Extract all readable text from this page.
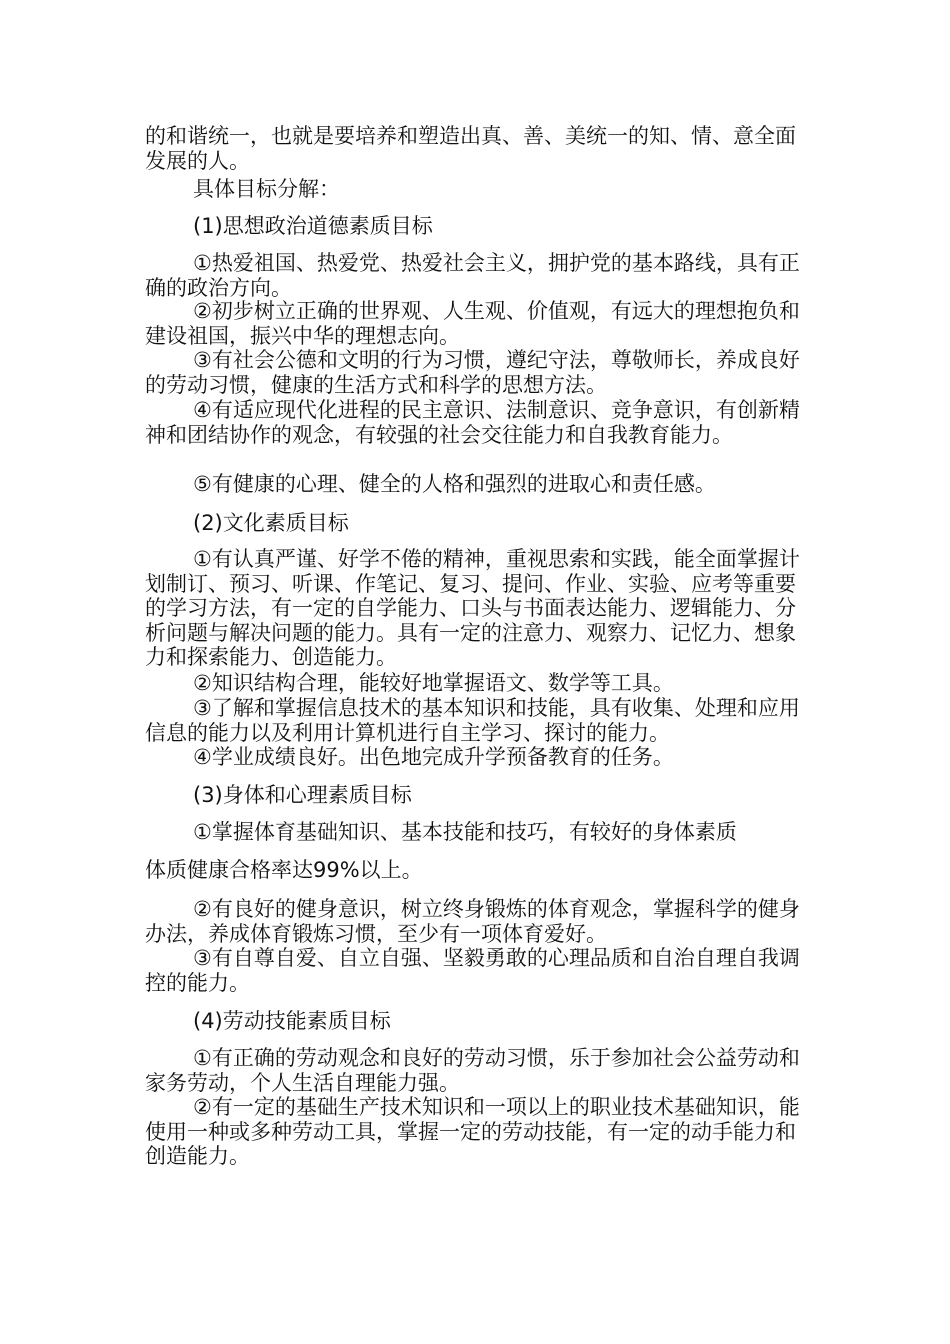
的和谐统一，也就是要培养和塑造出真、善、美统一的知、情、意全面发展的人。

具体目标分解：

(1)思想政治道德素质目标

①热爱祖国、热爱党、热爱社会主义，拥护党的基本路线，具有正确的政治方向。

②初步树立正确的世界观、人生观、价值观，有远大的理想抱负和建设祖国，振兴中华的理想志向。

③有社会公德和文明的行为习惯，遵纪守法，尊敬师长，养成良好的劳动习惯，健康的生活方式和科学的思想方法。

④有适应现代化进程的民主意识、法制意识、竞争意识，有创新精神和团结协作的观念，有较强的社会交往能力和自我教育能力。

⑤有健康的心理、健全的人格和强烈的进取心和责任感。

(2)文化素质目标

①有认真严谨、好学不倦的精神，重视思索和实践，能全面掌握计划制订、预习、听课、作笔记、复习、提问、作业、实验、应考等重要的学习方法，有一定的自学能力、口头与书面表达能力、逻辑能力、分析问题与解决问题的能力。具有一定的注意力、观察力、记忆力、想象力和探索能力、创造能力。

②知识结构合理，能较好地掌握语文、数学等工具。

③了解和掌握信息技术的基本知识和技能，具有收集、处理和应用信息的能力以及利用计算机进行自主学习、探讨的能力。

④学业成绩良好。出色地完成升学预备教育的任务。

(3)身体和心理素质目标

①掌握体育基础知识、基本技能和技巧，有较好的身体素质

体质健康合格率达99%以上。

②有良好的健身意识，树立终身锻炼的体育观念，掌握科学的健身办法，养成体育锻炼习惯，至少有一项体育爱好。

③有自尊自爱、自立自强、坚毅勇敢的心理品质和自治自理自我调控的能力。

(4)劳动技能素质目标

①有正确的劳动观念和良好的劳动习惯，乐于参加社会公益劳动和家务劳动，个人生活自理能力强。

②有一定的基础生产技术知识和一项以上的职业技术基础知识，能使用一种或多种劳动工具，掌握一定的劳动技能，有一定的动手能力和创造能力。
